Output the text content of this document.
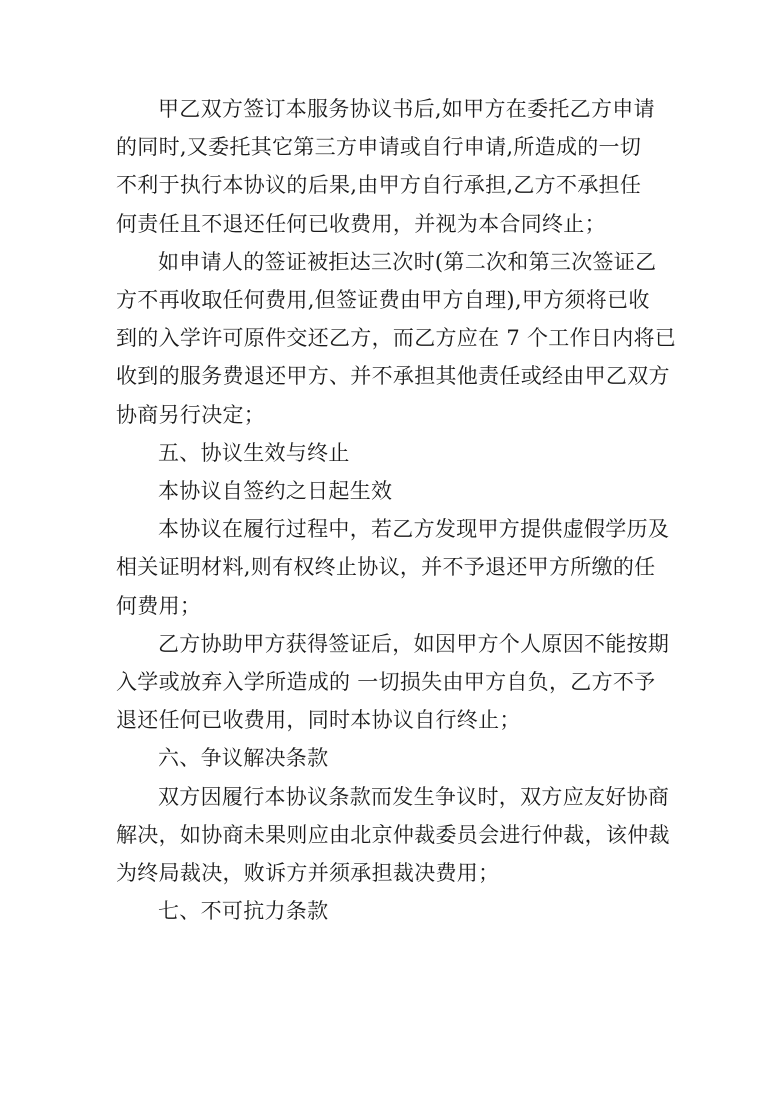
甲乙双方签订本服务协议书后,如甲方在委托乙方申请
的同时,又委托其它第三方申请或自行申请,所造成的一切
不利于执行本协议的后果,由甲方自行承担,乙方不承担任
何责任且不退还任何已收费用，并视为本合同终止；

如申请人的签证被拒达三次时(第二次和第三次签证乙
方不再收取任何费用,但签证费由甲方自理),甲方须将已收
到的入学许可原件交还乙方，而乙方应在 7 个工作日内将已
收到的服务费退还甲方、并不承担其他责任或经由甲乙双方
协商另行决定；

五、协议生效与终止

本协议自签约之日起生效

本协议在履行过程中，若乙方发现甲方提供虚假学历及
相关证明材料,则有权终止协议，并不予退还甲方所缴的任
何费用；

乙方协助甲方获得签证后，如因甲方个人原因不能按期
入学或放弃入学所造成的 一切损失由甲方自负，乙方不予
退还任何已收费用，同时本协议自行终止；

六、争议解决条款

双方因履行本协议条款而发生争议时，双方应友好协商
解决，如协商未果则应由北京仲裁委员会进行仲裁，该仲裁
为终局裁决，败诉方并须承担裁决费用；

七、不可抗力条款
